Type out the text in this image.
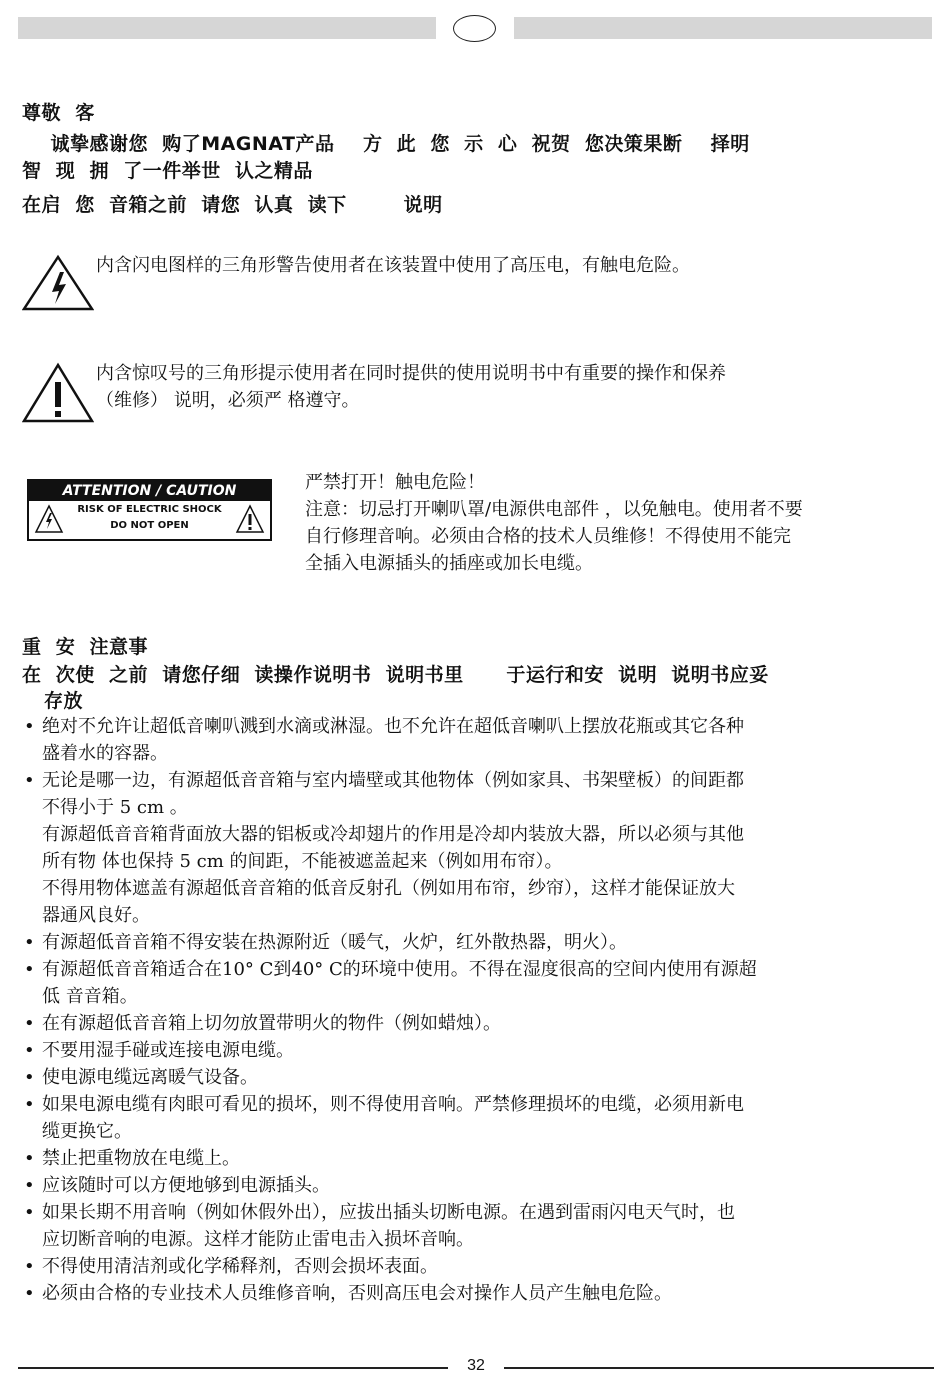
尊敬  客
诚挚感谢您  购了MAGNAT产品    方  此  您  示  心  祝贺  您决策果断    择明
智  现  拥  了一件举世  认之精品
在启  您  音箱之前  请您  认真  读下        说明
内含闪电图样的三角形警告使用者在该装置中使用了高压电，有触电危险。
内含惊叹号的三角形提示使用者在同时提供的使用说明书中有重要的操作和保养
（维修） 说明，必须严 格遵守。
ATTENTION / CAUTION
RISK OF ELECTRIC SHOCK
DO NOT OPEN
严禁打开！触电危险！
注意：切忌打开喇叭罩/电源供电部件 ，以免触电。使用者不要
自行修理音响。必须由合格的技术人员维修！不得使用不能完
全插入电源插头的插座或加长电缆。
重  安  注意事
在  次使  之前  请您仔细  读操作说明书  说明书里      于运行和安  说明  说明书应妥
存放
• 绝对不允许让超低音喇叭溅到水滴或淋湿。也不允许在超低音喇叭上摆放花瓶或其它各种
盛着水的容器。
• 无论是哪一边，有源超低音音箱与室内墙壁或其他物体（例如家具、书架壁板）的间距都
不得小于 5 cm 。
有源超低音音箱背面放大器的铝板或冷却翅片的作用是冷却内装放大器，所以必须与其他
所有物 体也保持 5 cm 的间距，不能被遮盖起来（例如用布帘）。
不得用物体遮盖有源超低音音箱的低音反射孔（例如用布帘，纱帘），这样才能保证放大
器通风良好。
• 有源超低音音箱不得安装在热源附近（暖气，火炉，红外散热器，明火）。
• 有源超低音音箱适合在10° C到40° C的环境中使用。不得在湿度很高的空间内使用有源超
低 音音箱。
• 在有源超低音音箱上切勿放置带明火的物件（例如蜡烛）。
• 不要用湿手碰或连接电源电缆。
• 使电源电缆远离暖气设备。
• 如果电源电缆有肉眼可看见的损坏，则不得使用音响。严禁修理损坏的电缆，必须用新电
缆更换它。
• 禁止把重物放在电缆上。
• 应该随时可以方便地够到电源插头。
• 如果长期不用音响（例如休假外出），应拔出插头切断电源。在遇到雷雨闪电天气时，也
应切断音响的电源。这样才能防止雷电击入损坏音响。
• 不得使用清洁剂或化学稀释剂，否则会损坏表面。
• 必须由合格的专业技术人员维修音响，否则高压电会对操作人员产生触电危险。
32
